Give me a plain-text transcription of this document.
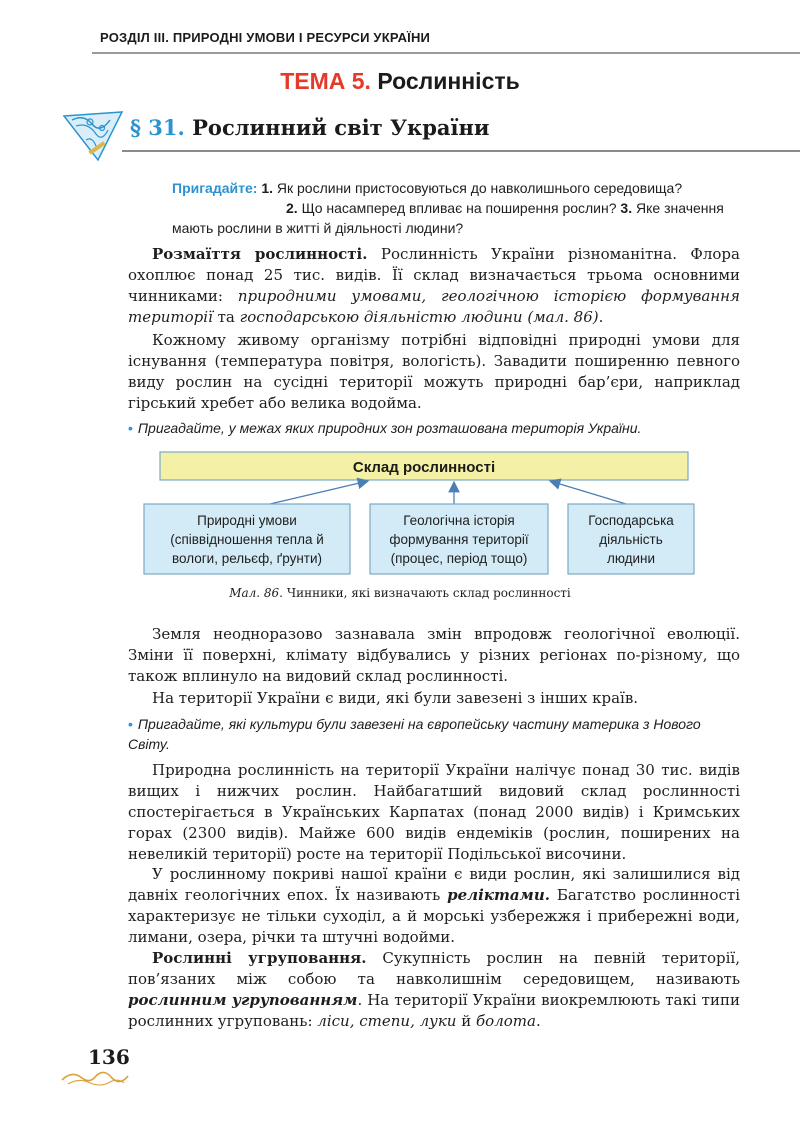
РОЗДІЛ ІІІ. ПРИРОДНІ УМОВИ І РЕСУРСИ УКРАЇНИ
ТЕМА 5. Рослинність
§ 31. Рослинний світ України
Пригадайте: 1. Як рослини пристосовуються до навколишнього середовища?
2. Що насамперед впливає на поширення рослин? 3. Яке значення мають рослини в житті й діяльності людини?

Розмаїття рослинності. Рослинність України різноманітна. Флора охоплює понад 25 тис. видів. Її склад визначається трьома основними чинниками: природними умовами, геологічною історією формування території та господарською діяльністю людини (мал. 86).

Кожному живому організму потрібні відповідні природні умови для існування (температура повітря, вологість). Завадити поширенню певного виду рослин на сусідні території можуть природні бар’єри, наприклад гірський хребет або велика водойма.

• Пригадайте, у межах яких природних зон розташована територія України.
Склад рослинності
Природні умови
(співвідношення тепла й
вологи, рельєф, ґрунти)
Геологічна історія
формування території
(процес, період тощо)
Господарська
діяльність
людини
Мал. 86. Чинники, які визначають склад рослинності

Земля неодноразово зазнавала змін впродовж геологічної еволюції. Зміни її поверхні, клімату відбувались у різних регіонах по-різному, що також вплинуло на видовий склад рослинності.

На території України є види, які були завезені з інших країв.

• Пригадайте, які культури були завезені на європейську частину материка з Нового Світу.

Природна рослинність на території України налічує понад 30 тис. видів вищих і нижчих рослин. Найбагатший видовий склад рослинності спостерігається в Українських Карпатах (понад 2000 видів) і Кримських горах (2300 видів). Майже 600 видів ендеміків (рослин, поширених на невеликій території) росте на території Подільської височини.

У рослинному покриві нашої країни є види рослин, які залишилися від давніх геологічних епох. Їх називають реліктами. Багатство рослинності характеризує не тільки суходіл, а й морські узбережжя і прибережні води, лимани, озера, річки та штучні водойми.

Рослинні угруповання. Сукупність рослин на певній території, пов’язаних між собою та навколишнім середовищем, називають рослинним угрупованням. На території України виокремлюють такі типи рослинних угруповань: ліси, степи, луки й болота.

136
